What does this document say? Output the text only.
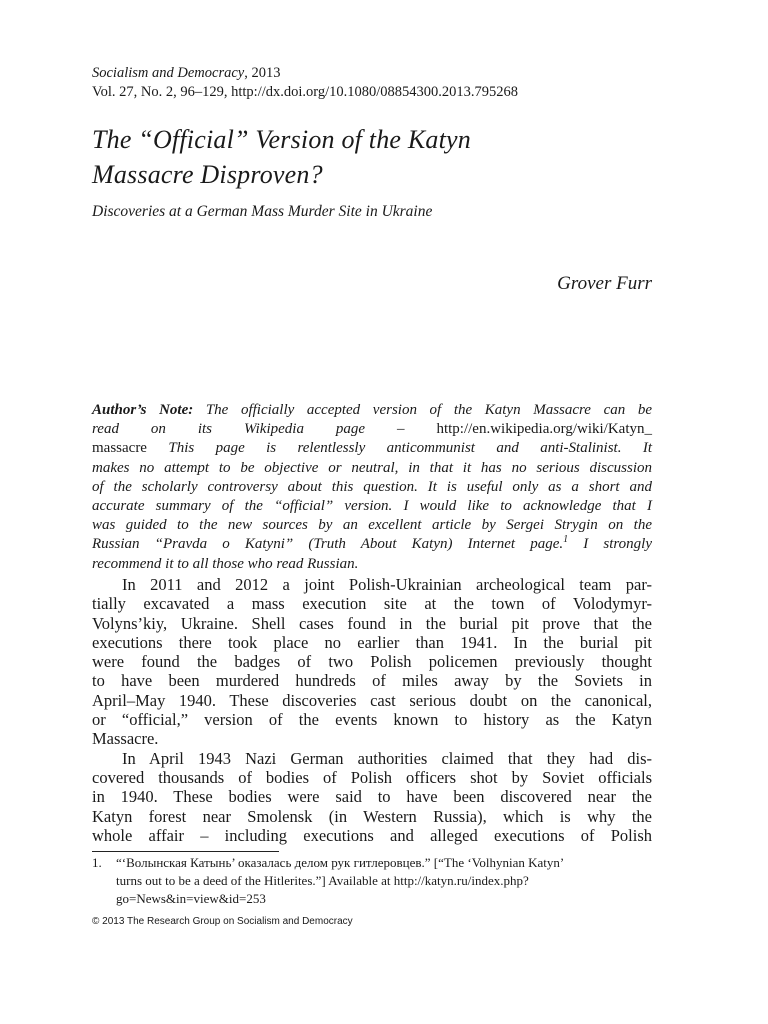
Socialism and Democracy, 2013
Vol. 27, No. 2, 96–129, http://dx.doi.org/10.1080/08854300.2013.795268
The “Official” Version of the Katyn
Massacre Disproven?
Discoveries at a German Mass Murder Site in Ukraine
Grover Furr
Author’s Note: The officially accepted version of the Katyn Massacre can be
read on its Wikipedia page – http://en.wikipedia.org/wiki/Katyn_
massacre This page is relentlessly anticommunist and anti-Stalinist. It
makes no attempt to be objective or neutral, in that it has no serious discussion
of the scholarly controversy about this question. It is useful only as a short and
accurate summary of the “official” version. I would like to acknowledge that I
was guided to the new sources by an excellent article by Sergei Strygin on the
Russian “Pravda o Katyni” (Truth About Katyn) Internet page.$^1$ I strongly
recommend it to all those who read Russian.
In 2011 and 2012 a joint Polish-Ukrainian archeological team par-
tially excavated a mass execution site at the town of Volodymyr-
Volyns’kiy, Ukraine. Shell cases found in the burial pit prove that the
executions there took place no earlier than 1941. In the burial pit
were found the badges of two Polish policemen previously thought
to have been murdered hundreds of miles away by the Soviets in
April–May 1940. These discoveries cast serious doubt on the canonical,
or “official,” version of the events known to history as the Katyn
Massacre.
In April 1943 Nazi German authorities claimed that they had dis-
covered thousands of bodies of Polish officers shot by Soviet officials
in 1940. These bodies were said to have been discovered near the
Katyn forest near Smolensk (in Western Russia), which is why the
whole affair – including executions and alleged executions of Polish
1. “‘Волынская Катынь’ оказалась делом рук гитлеровцев.” [“The ‘Volhynian Katyn’
turns out to be a deed of the Hitlerites.”] Available at http://katyn.ru/index.php?
go=News&in=view&id=253
© 2013 The Research Group on Socialism and Democracy
